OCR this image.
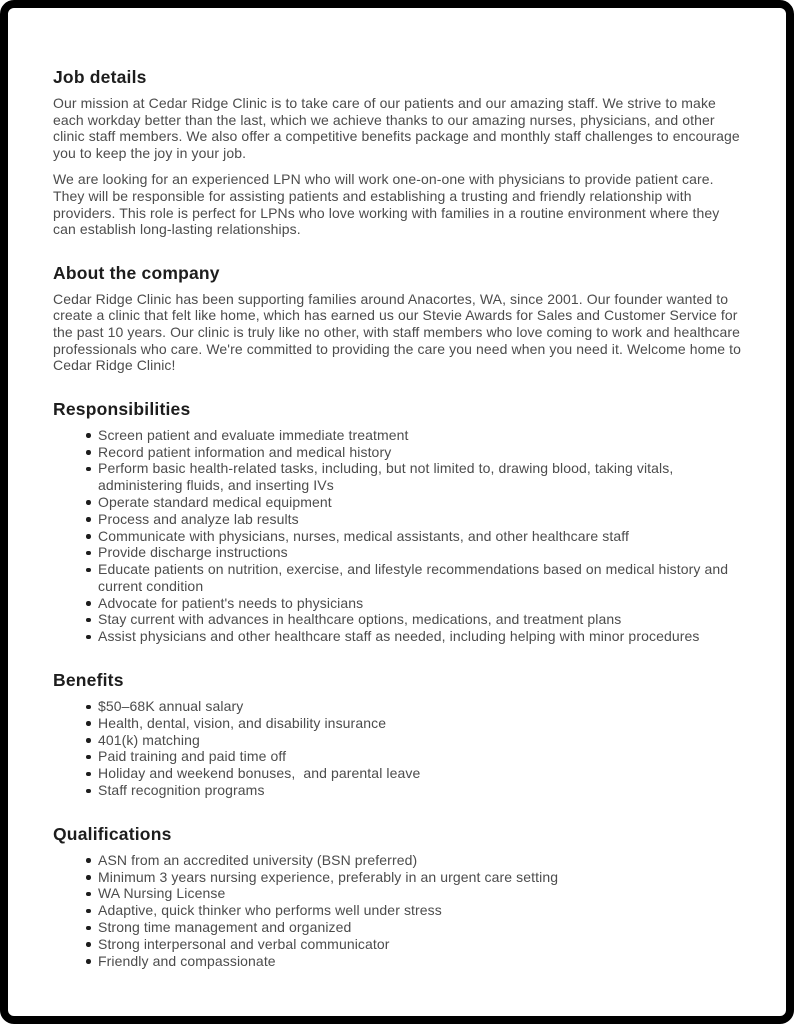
Job details

Our mission at Cedar Ridge Clinic is to take care of our patients and our amazing staff. We strive to make each workday better than the last, which we achieve thanks to our amazing nurses, physicians, and other clinic staff members. We also offer a competitive benefits package and monthly staff challenges to encourage you to keep the joy in your job.

We are looking for an experienced LPN who will work one-on-one with physicians to provide patient care. They will be responsible for assisting patients and establishing a trusting and friendly relationship with providers. This role is perfect for LPNs who love working with families in a routine environment where they can establish long-lasting relationships.

About the company

Cedar Ridge Clinic has been supporting families around Anacortes, WA, since 2001. Our founder wanted to create a clinic that felt like home, which has earned us our Stevie Awards for Sales and Customer Service for the past 10 years. Our clinic is truly like no other, with staff members who love coming to work and healthcare professionals who care. We're committed to providing the care you need when you need it. Welcome home to Cedar Ridge Clinic!

Responsibilities
Screen patient and evaluate immediate treatment
Record patient information and medical history
Perform basic health-related tasks, including, but not limited to, drawing blood, taking vitals, administering fluids, and inserting IVs
Operate standard medical equipment
Process and analyze lab results
Communicate with physicians, nurses, medical assistants, and other healthcare staff
Provide discharge instructions
Educate patients on nutrition, exercise, and lifestyle recommendations based on medical history and current condition
Advocate for patient's needs to physicians
Stay current with advances in healthcare options, medications, and treatment plans
Assist physicians and other healthcare staff as needed, including helping with minor procedures
Benefits
$50–68K annual salary
Health, dental, vision, and disability insurance
401(k) matching
Paid training and paid time off
Holiday and weekend bonuses,  and parental leave
Staff recognition programs
Qualifications
ASN from an accredited university (BSN preferred)
Minimum 3 years nursing experience, preferably in an urgent care setting
WA Nursing License
Adaptive, quick thinker who performs well under stress
Strong time management and organized
Strong interpersonal and verbal communicator
Friendly and compassionate
